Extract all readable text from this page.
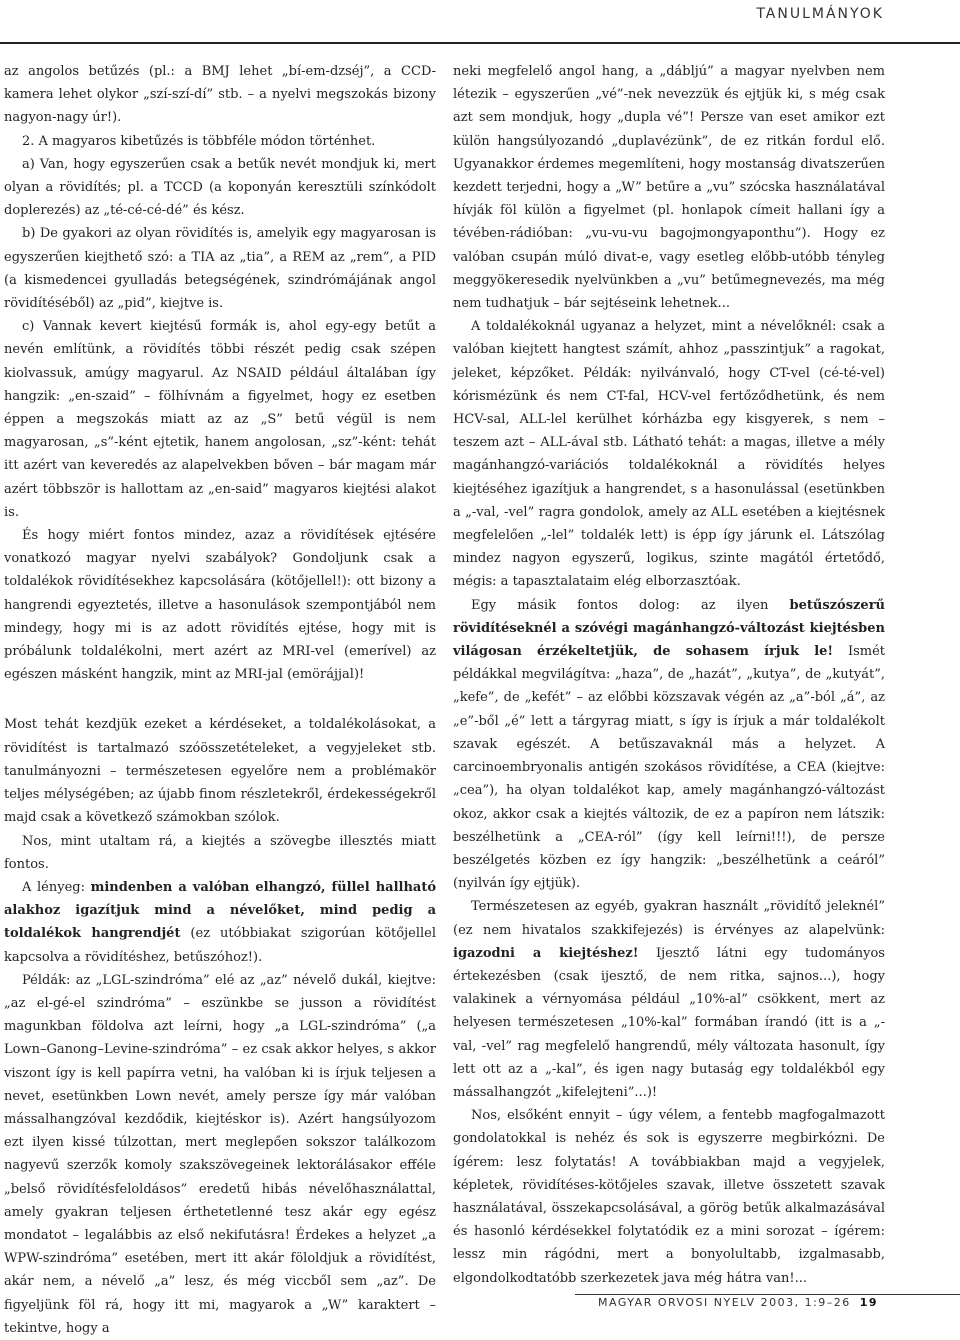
TANULMÁNYOK

az angolos betűzés (pl.: a BMJ lehet „bí-em-dzséj”, a CCD-kamera lehet olykor „szí-szí-dí” stb. – a nyelvi megszokás bizony nagyon-nagy úr!).

2. A magyaros kibetűzés is többféle módon történhet.

a) Van, hogy egyszerűen csak a betűk nevét mondjuk ki, mert olyan a rövidítés; pl. a TCCD (a koponyán keresztüli színkódolt doplerezés) az „té-cé-cé-dé” és kész.

b) De gyakori az olyan rövidítés is, amelyik egy magyarosan is egyszerűen kiejthető szó: a TIA az „tia”, a REM az „rem”, a PID (a kismedencei gyulladás betegségének, szindrómájának angol rövidítéséből) az „pid”, kiejtve is.

c) Vannak kevert kiejtésű formák is, ahol egy-egy betűt a nevén említünk, a rövidítés többi részét pedig csak szépen kiolvassuk, amúgy magyarul. Az NSAID például általában így hangzik: „en-szaid” – fölhívnám a figyelmet, hogy ez esetben éppen a megszokás miatt az az „S” betű végül is nem magyarosan, „s”-ként ejtetik, hanem angolosan, „sz”-ként: tehát itt azért van keveredés az alapelvekben bőven – bár magam már azért többször is hallottam az „en-said” magyaros kiejtési alakot is.

És hogy miért fontos mindez, azaz a rövidítések ejtésére vonatkozó magyar nyelvi szabályok? Gondoljunk csak a toldalékok rövidítésekhez kapcsolására (kötőjellel!): ott bizony a hangrendi egyeztetés, illetve a hasonulások szempontjából nem mindegy, hogy mi is az adott rövidítés ejtése, hogy mit is próbálunk toldalékolni, mert azért az MRI-vel (emerível) az egészen másként hangzik, mint az MRI-jal (emörájjal)!

Most tehát kezdjük ezeket a kérdéseket, a toldalékolásokat, a rövidítést is tartalmazó szóösszetételeket, a vegyjeleket stb. tanulmányozni – természetesen egyelőre nem a problémakör teljes mélységében; az újabb finom részletekről, érdekességekről majd csak a következő számokban szólok.

Nos, mint utaltam rá, a kiejtés a szövegbe illesztés miatt fontos.

A lényeg: mindenben a valóban elhangzó, füllel hallható alakhoz igazítjuk mind a névelőket, mind pedig a toldalékok hangrendjét (ez utóbbiakat szigorúan kötőjellel kapcsolva a rövidítéshez, betűszóhoz!).

Példák: az „LGL-szindróma” elé az „az” névelő dukál, kiejtve: „az el-gé-el szindróma” – eszünkbe se jusson a rövidítést magunkban földolva azt leírni, hogy „a LGL-szindróma” („a Lown–Ganong–Levine-szindróma” – ez csak akkor helyes, s akkor viszont így is kell papírra vetni, ha valóban ki is írjuk teljesen a nevet, esetünkben Lown nevét, amely persze így már valóban mássalhangzóval kezdődik, kiejtéskor is). Azért hangsúlyozom ezt ilyen kissé túlzottan, mert meglepően sokszor találkozom nagyevű szerzők komoly szakszövegeinek lektorálásakor efféle „belső rövidítésfeloldásos” eredetű hibás névelőhasználattal, amely gyakran teljesen érthetetlenné tesz akár egy egész mondatot – legalábbis az első nekifutásra! Érdekes a helyzet „a WPW-szindróma” esetében, mert itt akár föloldjuk a rövidítést, akár nem, a névelő „a” lesz, és még viccből sem „az”. De figyeljünk föl rá, hogy itt mi, magyarok a „W” karaktert – tekintve, hogy a

neki megfelelő angol hang, a „dábljú” a magyar nyelvben nem létezik – egyszerűen „vé”-nek nevezzük és ejtjük ki, s még csak azt sem mondjuk, hogy „dupla vé”! Persze van eset amikor ezt külön hangsúlyozandó „duplavézünk”, de ez ritkán fordul elő. Ugyanakkor érdemes megemlíteni, hogy mostanság divatszerűen kezdett terjedni, hogy a „W” betűre a „vu” szócska használatával hívják föl külön a figyelmet (pl. honlapok címeit hallani így a tévében-rádióban: „vu-vu-vu bagojmongyaponthu”). Hogy ez valóban csupán múló divat-e, vagy esetleg előbb-utóbb tényleg meggyökeresedik nyelvünkben a „vu” betűmegnevezés, ma még nem tudhatjuk – bár sejtéseink lehetnek...

A toldalékoknál ugyanaz a helyzet, mint a névelőknél: csak a valóban kiejtett hangtest számít, ahhoz „passzintjuk” a ragokat, jeleket, képzőket. Példák: nyilvánvaló, hogy CT-vel (cé-té-vel) kórismézünk és nem CT-fal, HCV-vel fertőződhetünk, és nem HCV-sal, ALL-lel kerülhet kórházba egy kisgyerek, s nem – teszem azt – ALL-ával stb. Látható tehát: a magas, illetve a mély magánhangzó-variációs toldalékoknál a rövidítés helyes kiejtéséhez igazítjuk a hangrendet, s a hasonulással (esetünkben a „-val, -vel” ragra gondolok, amely az ALL esetében a kiejtésnek megfelelően „-lel” toldalék lett) is épp így járunk el. Látszólag mindez nagyon egyszerű, logikus, szinte magától értetődő, mégis: a tapasztalataim elég elborzasztóak.

Egy másik fontos dolog: az ilyen betűszószerű rövidítéseknél a szóvégi magánhangzó-változást kiejtésben világosan érzékeltetjük, de sohasem írjuk le! Ismét példákkal megvilágítva: „haza”, de „hazát”, „kutya”, de „kutyát”, „kefe”, de „kefét” – az előbbi közszavak végén az „a”-ból „á”, az „e”-ből „é” lett a tárgyrag miatt, s így is írjuk a már toldalékolt szavak egészét. A betűszavaknál más a helyzet. A carcinoembryonalis antigén szokásos rövidítése, a CEA (kiejtve: „cea”), ha olyan toldalékot kap, amely magánhangzó-változást okoz, akkor csak a kiejtés változik, de ez a papíron nem látszik: beszélhetünk a „CEA-ról” (így kell leírni!!!), de persze beszélgetés közben ez így hangzik: „beszélhetünk a ceáról” (nyilván így ejtjük).

Természetesen az egyéb, gyakran használt „rövidítő jeleknél” (ez nem hivatalos szakkifejezés) is érvényes az alapelvünk: igazodni a kiejtéshez! Ijesztő látni egy tudományos értekezésben (csak ijesztő, de nem ritka, sajnos...), hogy valakinek a vérnyomása például „10%-al” csökkent, mert az helyesen természetesen „10%-kal” formában írandó (itt is a „-val, -vel” rag megfelelő hangrendű, mély változata hasonult, így lett ott az a „-kal”, és igen nagy butaság egy toldalékból egy mássalhangzót „kifelejteni”...)!

Nos, elsőként ennyit – úgy vélem, a fentebb magfogalmazott gondolatokkal is nehéz és sok is egyszerre megbirkózni. De ígérem: lesz folytatás! A továbbiakban majd a vegyjelek, képletek, rövidítéses-kötőjeles szavak, illetve összetett szavak használatával, összekapcsolásával, a görög betűk alkalmazásával és hasonló kérdésekkel folytatódik ez a mini sorozat – ígérem: lessz min rágódni, mert a bonyolultabb, izgalmasabb, elgondolkodtatóbb szerkezetek java még hátra van!...

MAGYAR ORVOSI NYELV 2003, 1:9–26 19
